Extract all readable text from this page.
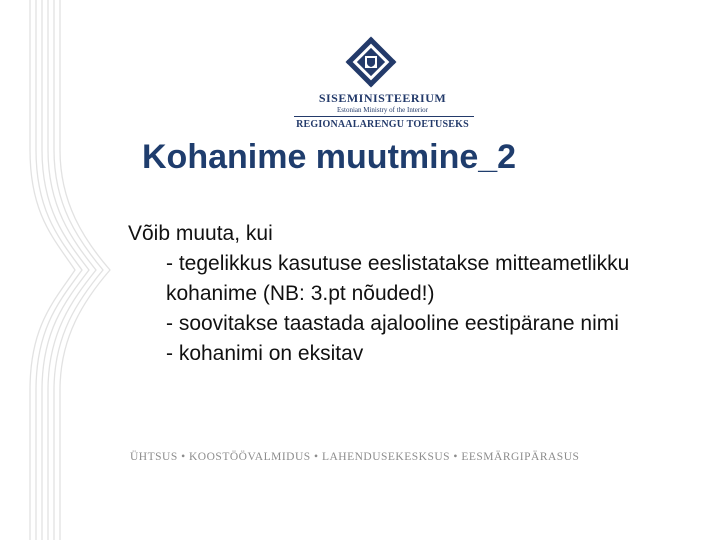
SISEMINISTEERIUM
Estonian Ministry of the Interior
REGIONAALARENGU TOETUSEKS
Kohanime muutmine_2

Võib muuta, kui

- tegelikkus kasutuse eeslistatakse mitteametlikku kohanime (NB: 3.pt nõuded!)
- soovitakse taastada ajalooline eestipärane nimi
- kohanimi on eksitav
ÜHTSUS • KOOSTÖÖVALMIDUS • LAHENDUSEKESKSUS • EESMÄRGIPÄRASUS
